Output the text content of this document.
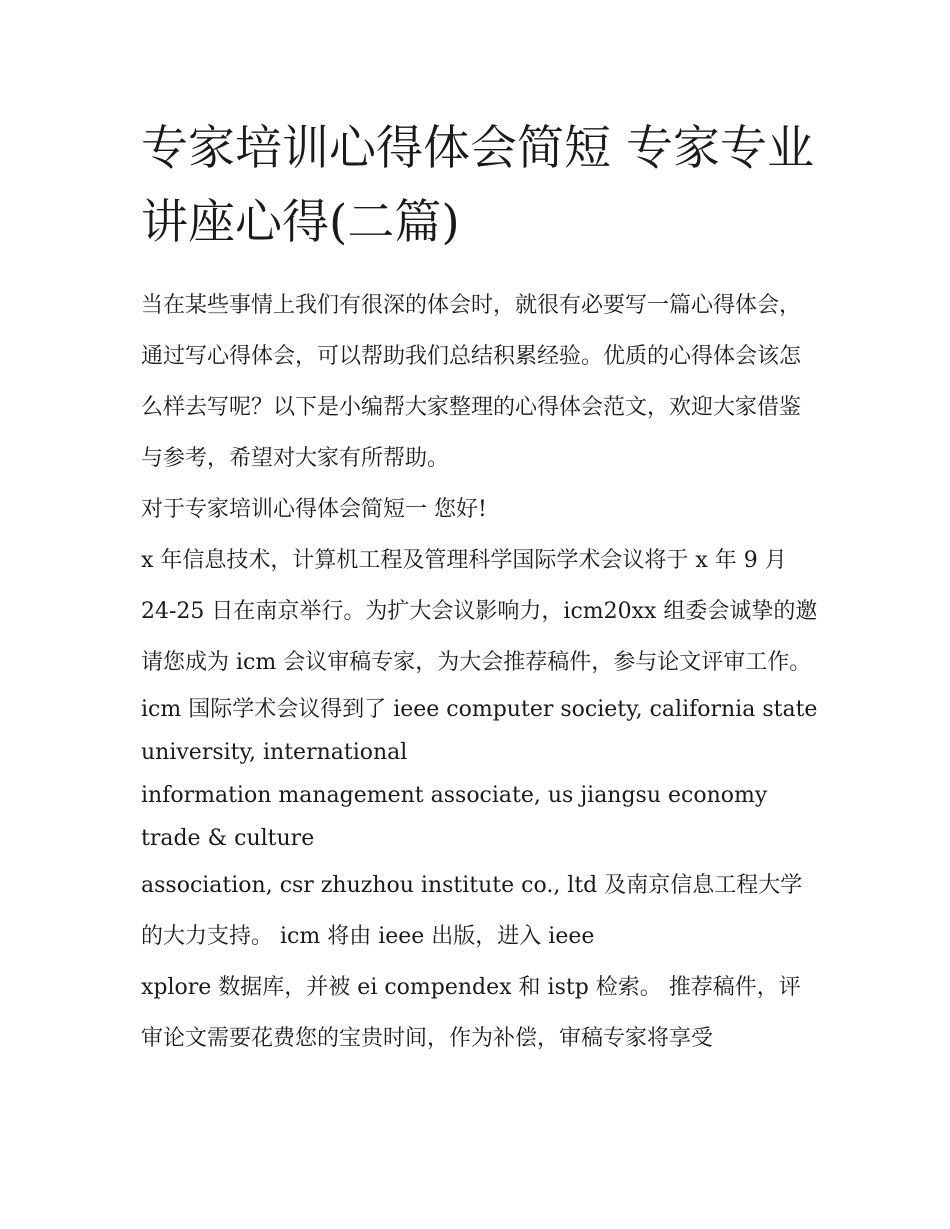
专家培训心得体会简短 专家专业讲座心得(二篇)

当在某些事情上我们有很深的体会时，就很有必要写一篇心得体会，通过写心得体会，可以帮助我们总结积累经验。优质的心得体会该怎么样去写呢？以下是小编帮大家整理的心得体会范文，欢迎大家借鉴与参考，希望对大家有所帮助。

对于专家培训心得体会简短一 您好!

x 年信息技术，计算机工程及管理科学国际学术会议将于 x 年 9 月 24-25 日在南京举行。为扩大会议影响力，icm20xx 组委会诚挚的邀请您成为 icm 会议审稿专家，为大会推荐稿件，参与论文评审工作。

icm 国际学术会议得到了 ieee computer society, california state university, international

information management associate, us jiangsu economy trade & culture

association, csr zhuzhou institute co., ltd 及南京信息工程大学的大力支持。 icm 将由 ieee 出版，进入 ieee

xplore 数据库，并被 ei compendex 和 istp 检索。 推荐稿件，评审论文需要花费您的宝贵时间，作为补偿，审稿专家将享受
